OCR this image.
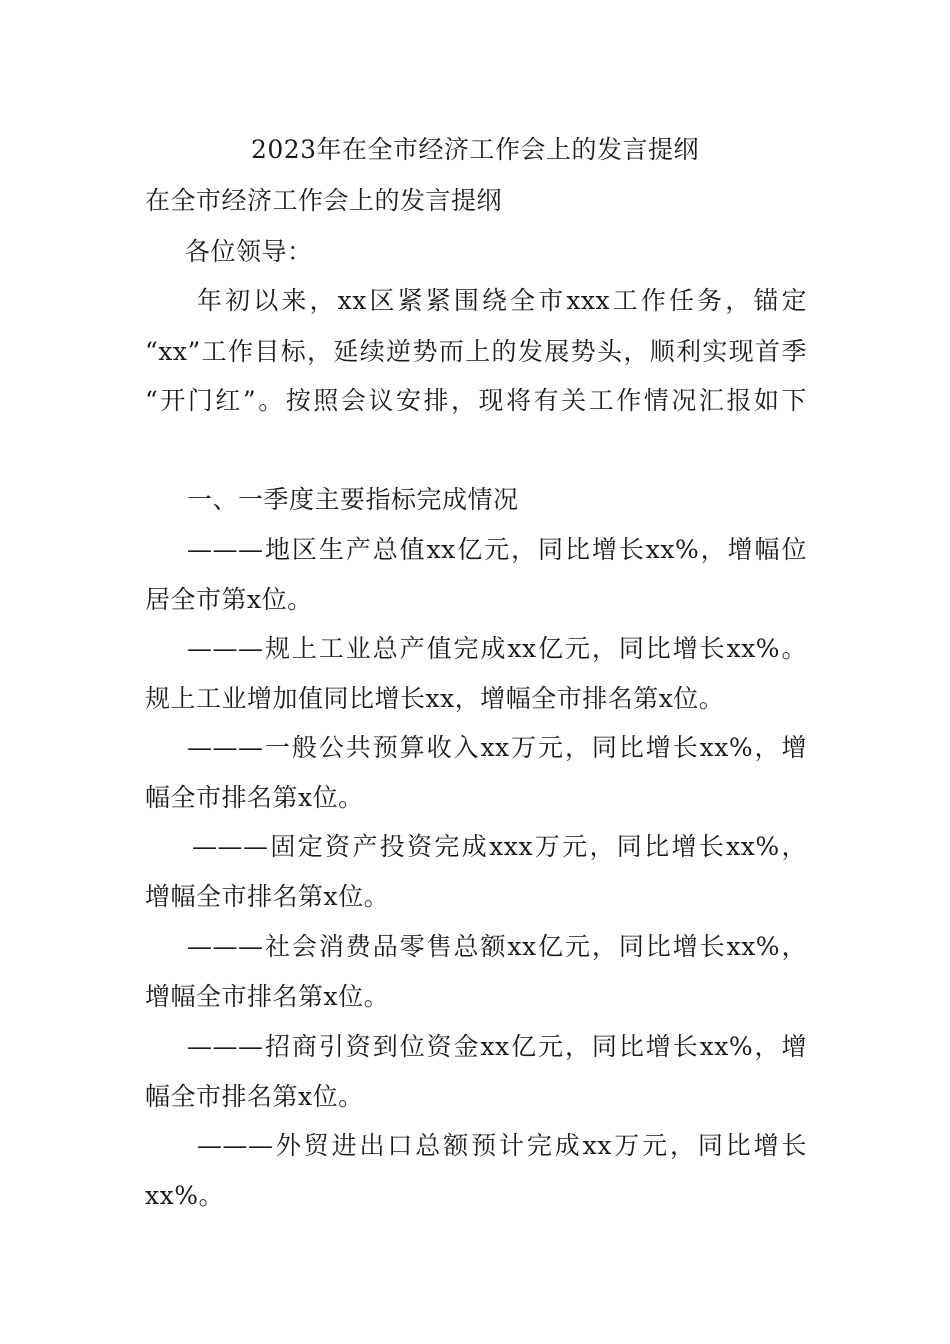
2023年在全市经济工作会上的发言提纲
在全市经济工作会上的发言提纲
各位领导：
年初以来，xx区紧紧围绕全市xxx工作任务，锚定
“xx”工作目标，延续逆势而上的发展势头，顺利实现首季
“开门红”。按照会议安排，现将有关工作情况汇报如下
一、一季度主要指标完成情况
———地区生产总值xx亿元，同比增长xx%，增幅位
居全市第x位。
———规上工业总产值完成xx亿元，同比增长xx%。
规上工业增加值同比增长xx，增幅全市排名第x位。
———一般公共预算收入xx万元，同比增长xx%，增
幅全市排名第x位。
———固定资产投资完成xxx万元，同比增长xx%，
增幅全市排名第x位。
———社会消费品零售总额xx亿元，同比增长xx%，
增幅全市排名第x位。
———招商引资到位资金xx亿元，同比增长xx%，增
幅全市排名第x位。
———外贸进出口总额预计完成xx万元，同比增长
xx%。
